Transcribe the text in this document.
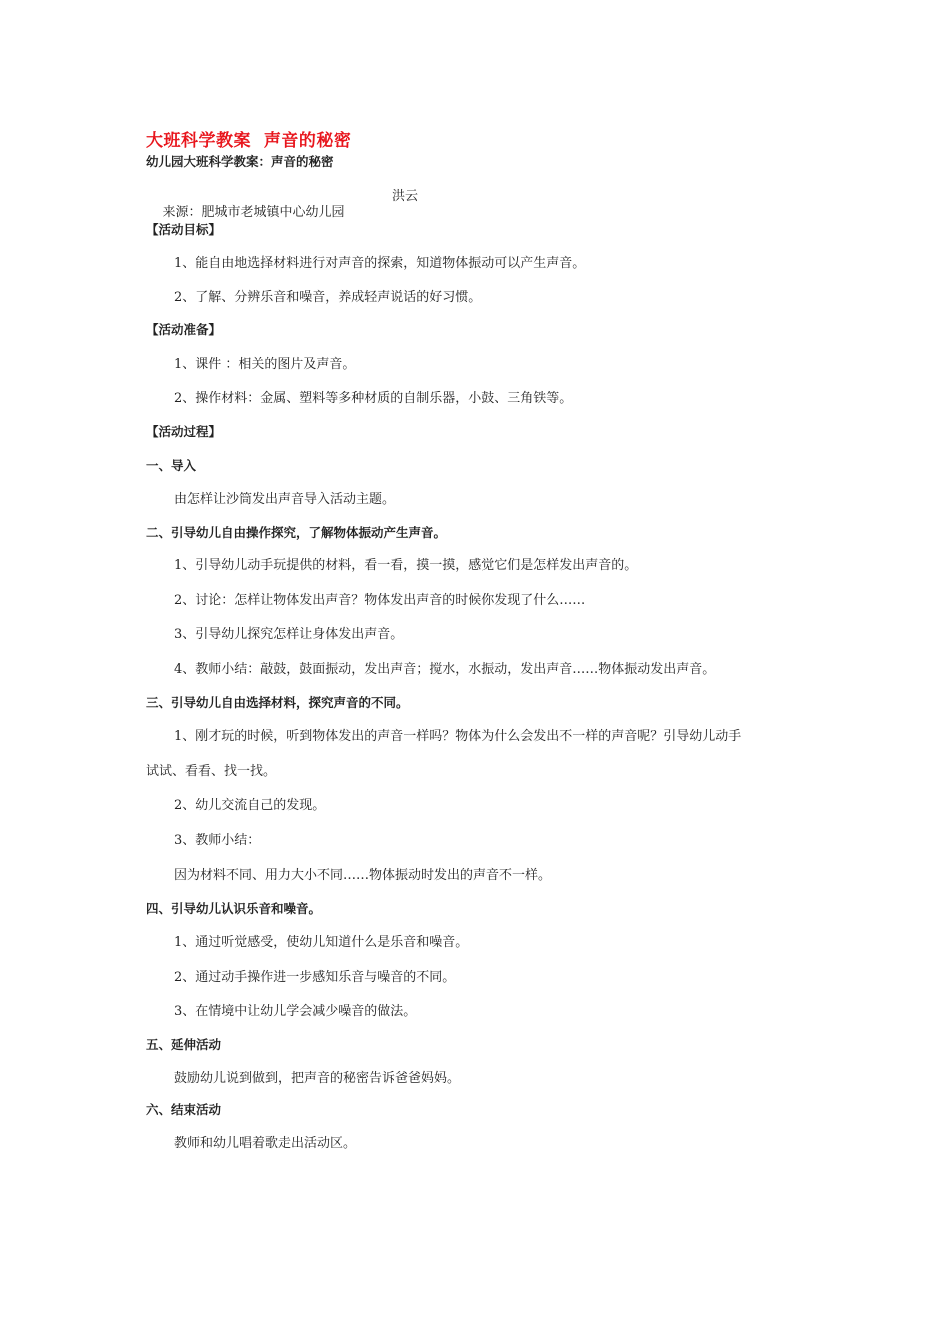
大班科学教案  声音的秘密
幼儿园大班科学教案：声音的秘密

来源：肥城市老城镇中心幼儿园

洪云
【活动目标】
1、能自由地选择材料进行对声音的探索，知道物体振动可以产生声音。
2、了解、分辨乐音和噪音，养成轻声说话的好习惯。
【活动准备】
1、课件 ：相关的图片及声音。
2、操作材料：金属、塑料等多种材质的自制乐器，小鼓、三角铁等。
【活动过程】
一、导入
由怎样让沙筒发出声音导入活动主题。
二、引导幼儿自由操作探究，了解物体振动产生声音。
1、引导幼儿动手玩提供的材料，看一看，摸一摸，感觉它们是怎样发出声音的。
2、讨论：怎样让物体发出声音？物体发出声音的时候你发现了什么……
3、引导幼儿探究怎样让身体发出声音。
4、教师小结：敲鼓，鼓面振动，发出声音；搅水，水振动，发出声音……物体振动发出声音。
三、引导幼儿自由选择材料，探究声音的不同。
1、刚才玩的时候，听到物体发出的声音一样吗？物体为什么会发出不一样的声音呢？引导幼儿动手
试试、看看、找一找。
2、幼儿交流自己的发现。
3、教师小结：
因为材料不同、用力大小不同……物体振动时发出的声音不一样。
四、引导幼儿认识乐音和噪音。
1、通过听觉感受，使幼儿知道什么是乐音和噪音。
2、通过动手操作进一步感知乐音与噪音的不同。
3、在情境中让幼儿学会减少噪音的做法。
五、延伸活动
鼓励幼儿说到做到，把声音的秘密告诉爸爸妈妈。
六、结束活动
教师和幼儿唱着歌走出活动区。
